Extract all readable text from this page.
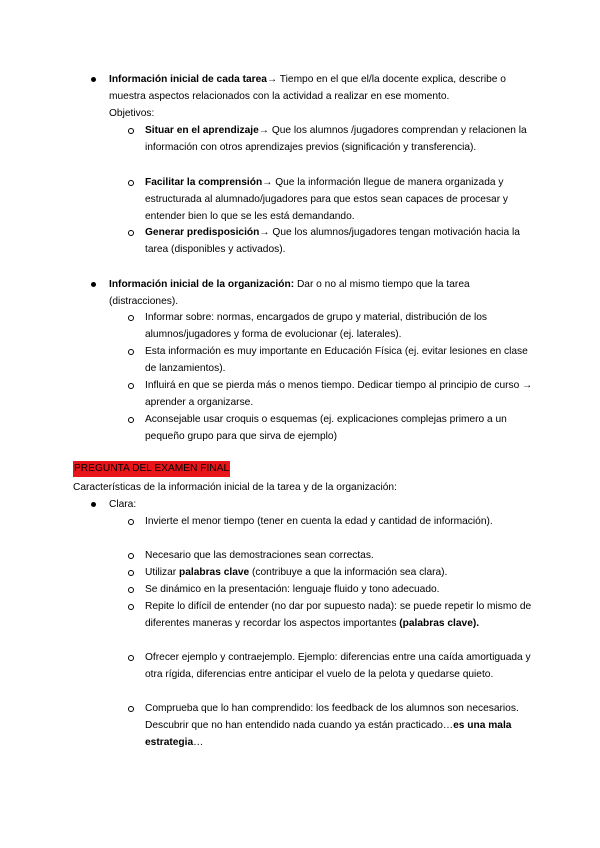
Información inicial de cada tarea→ Tiempo en el que el/la docente explica, describe o muestra aspectos relacionados con la actividad a realizar en ese momento.
Objetivos:
Situar en el aprendizaje→ Que los alumnos /jugadores comprendan y relacionen la información con otros aprendizajes previos (significación y transferencia).
Facilitar la comprensión→ Que la información llegue de manera organizada y estructurada al alumnado/jugadores para que estos sean capaces de procesar y entender bien lo que se les está demandando.
Generar predisposición→ Que los alumnos/jugadores tengan motivación hacia la tarea (disponibles y activados).
Información inicial de la organización: Dar o no al mismo tiempo que la tarea (distracciones).
Informar sobre: normas, encargados de grupo y material, distribución de los alumnos/jugadores y forma de evolucionar (ej. laterales).
Esta información es muy importante en Educación Física (ej. evitar lesiones en clase de lanzamientos).
Influirá en que se pierda más o menos tiempo. Dedicar tiempo al principio de curso → aprender a organizarse.
Aconsejable usar croquis o esquemas (ej. explicaciones complejas primero a un pequeño grupo para que sirva de ejemplo)
PREGUNTA DEL EXAMEN FINAL
Características de la información inicial de la tarea y de la organización:
Clara:
Invierte el menor tiempo (tener en cuenta la edad y cantidad de información).
Necesario que las demostraciones sean correctas.
Utilizar palabras clave (contribuye a que la información sea clara).
Se dinámico en la presentación: lenguaje fluido y tono adecuado.
Repite lo difícil de entender (no dar por supuesto nada): se puede repetir lo mismo de diferentes maneras y recordar los aspectos importantes (palabras clave).
Ofrecer ejemplo y contraejemplo. Ejemplo: diferencias entre una caída amortiguada y otra rígida, diferencias entre anticipar el vuelo de la pelota y quedarse quieto.
Comprueba que lo han comprendido: los feedback de los alumnos son necesarios.
Descubrir que no han entendido nada cuando ya están practicado…es una mala estrategia…
